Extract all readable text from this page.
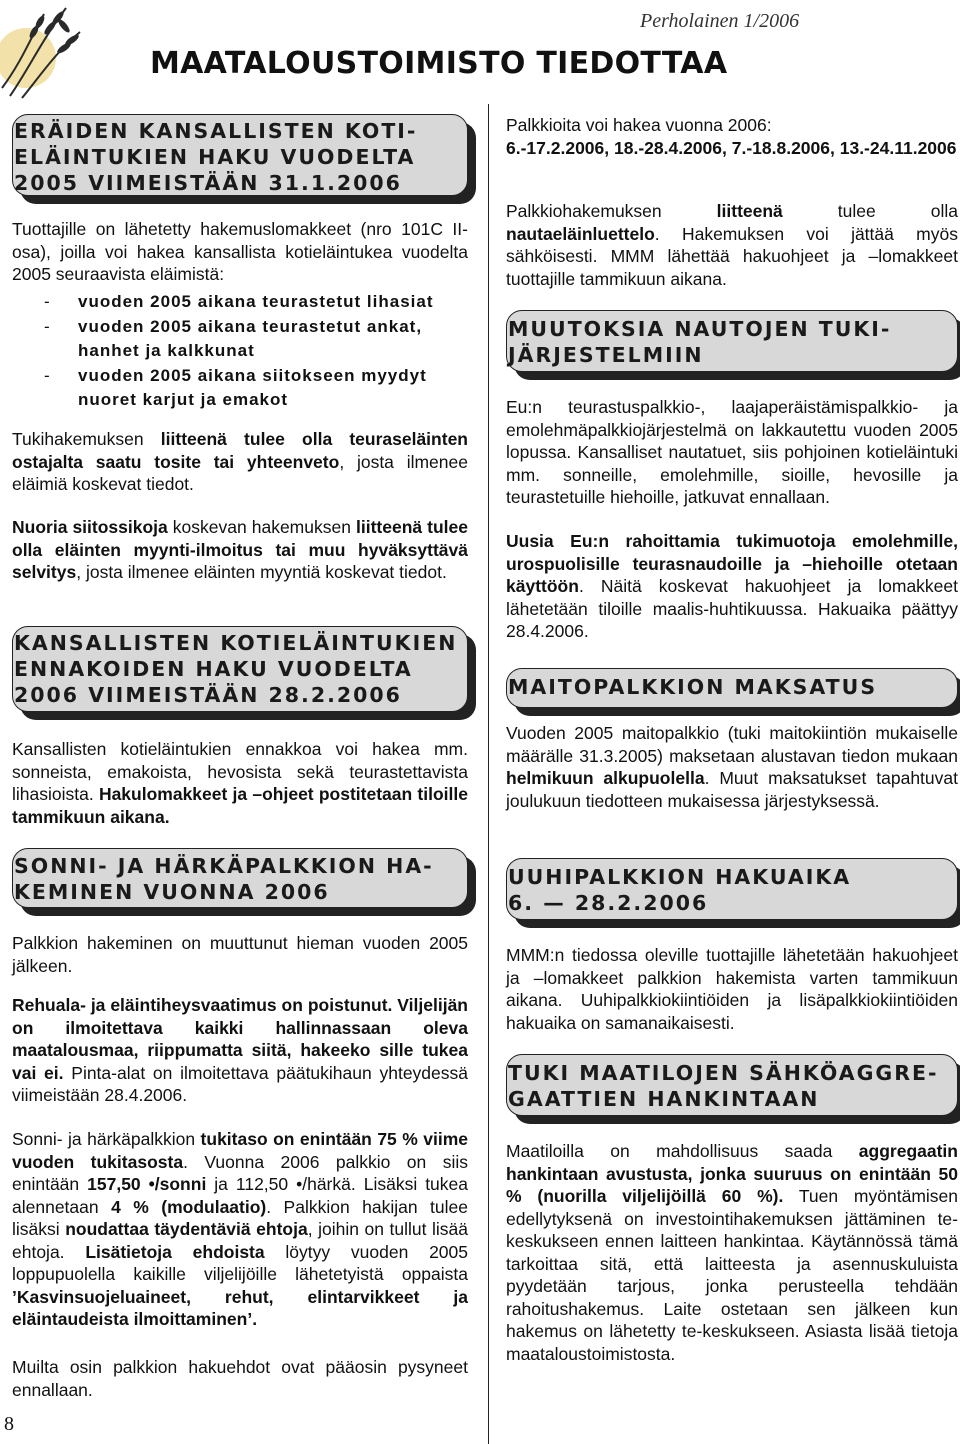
Perholainen 1/2006
MAATALOUSTOIMISTO TIEDOTTAA
ERÄIDEN KANSALLISTEN KOTI-
ELÄINTUKIEN HAKU VUODELTA
2005 VIIMEISTÄÄN 31.1.2006
Tuottajille on lähetetty hakemuslomakkeet (nro 101C II-osa), joilla voi hakea kansallista kotieläintukea vuodelta 2005 seuraavista eläimistä:
- vuoden 2005 aikana teurastetut lihasiat
- vuoden 2005 aikana teurastetut ankat, hanhet ja kalkkunat
- vuoden 2005 aikana siitokseen myydyt nuoret karjut ja emakot
Tukihakemuksen liitteenä tulee olla teuraseläinten ostajalta saatu tosite tai yhteenveto, josta ilmenee eläimiä koskevat tiedot.
Nuoria siitossikoja koskevan hakemuksen liitteenä tulee olla eläinten myynti-ilmoitus tai muu hyväksyttävä selvitys, josta ilmenee eläinten myyntiä koskevat tiedot.
KANSALLISTEN KOTIELÄINTUKIEN
ENNAKOIDEN HAKU VUODELTA
2006 VIIMEISTÄÄN 28.2.2006
Kansallisten kotieläintukien ennakkoa voi hakea mm. sonneista, emakoista, hevosista sekä teurastettavista lihasioista. Hakulomakkeet ja –ohjeet postitetaan tiloille tammikuun aikana.
SONNI- JA HÄRKÄPALKKION HA-
KEMINEN VUONNA 2006
Palkkion hakeminen on muuttunut hieman vuoden 2005 jälkeen.
Rehuala- ja eläintiheysvaatimus on poistunut. Viljelijän on ilmoitettava kaikki hallinnassaan oleva maatalousmaa, riippumatta siitä, hakeeko sille tukea vai ei. Pinta-alat on ilmoitettava päätukihaun yhteydessä viimeistään 28.4.2006.
Sonni- ja härkäpalkkion tukitaso on enintään 75 % viime vuoden tukitasosta. Vuonna 2006 palkkio on siis enintään 157,50 •/sonni ja 112,50 •/härkä. Lisäksi tukea alennetaan 4 % (modulaatio). Palkkion hakijan tulee lisäksi noudattaa täydentäviä ehtoja, joihin on tullut lisää ehtoja. Lisätietoja ehdoista löytyy vuoden 2005 loppupuolella kaikille viljelijöille lähetetyistä oppaista ’Kasvinsuojeluaineet, rehut, elintarvikkeet ja eläintaudeista ilmoittaminen’.
Muilta osin palkkion hakuehdot ovat pääosin pysyneet ennallaan.
Palkkioita voi hakea vuonna 2006:
6.-17.2.2006, 18.-28.4.2006, 7.-18.8.2006, 13.-24.11.2006
Palkkiohakemuksen liitteenä tulee olla nautaeläinluettelo. Hakemuksen voi jättää myös sähköisesti. MMM lähettää hakuohjeet ja –lomakkeet tuottajille tammikuun aikana.
MUUTOKSIA NAUTOJEN TUKI-
JÄRJESTELMIIN
Eu:n teurastuspalkkio-, laajaperäistämispalkkio- ja emolehmäpalkkiojärjestelmä on lakkautettu vuoden 2005 lopussa. Kansalliset nautatuet, siis pohjoinen kotieläintuki mm. sonneille, emolehmille, sioille, hevosille ja teurastetuille hiehoille, jatkuvat ennallaan.
Uusia Eu:n rahoittamia tukimuotoja emolehmille, urospuolisille teurasnaudoille ja –hiehoille otetaan käyttöön. Näitä koskevat hakuohjeet ja lomakkeet lähetetään tiloille maalis-huhtikuussa. Hakuaika päättyy 28.4.2006.
MAITOPALKKION MAKSATUS
Vuoden 2005 maitopalkkio (tuki maitokiintiön mukaiselle määrälle 31.3.2005) maksetaan alustavan tiedon mukaan helmikuun alkupuolella. Muut maksatukset tapahtuvat joulukuun tiedotteen mukaisessa järjestyksessä.
UUHIPALKKION HAKUAIKA
6. — 28.2.2006
MMM:n tiedossa oleville tuottajille lähetetään hakuohjeet ja –lomakkeet palkkion hakemista varten tammikuun aikana. Uuhipalkkiokiintiöiden ja lisäpalkkiokiintiöiden hakuaika on samanaikaisesti.
TUKI MAATILOJEN SÄHKÖAGGRE-
GAATTIEN HANKINTAAN
Maatiloilla on mahdollisuus saada aggregaatin hankintaan avustusta, jonka suuruus on enintään 50 % (nuorilla viljelijöillä 60 %). Tuen myöntämisen edellytyksenä on investointihakemuksen jättäminen te-keskukseen ennen laitteen hankintaa. Käytännössä tämä tarkoittaa sitä, että laitteesta ja asennuskuluista pyydetään tarjous, jonka perusteella tehdään rahoitushakemus. Laite ostetaan sen jälkeen kun hakemus on lähetetty te-keskukseen. Asiasta lisää tietoja maataloustoimistosta.
8
